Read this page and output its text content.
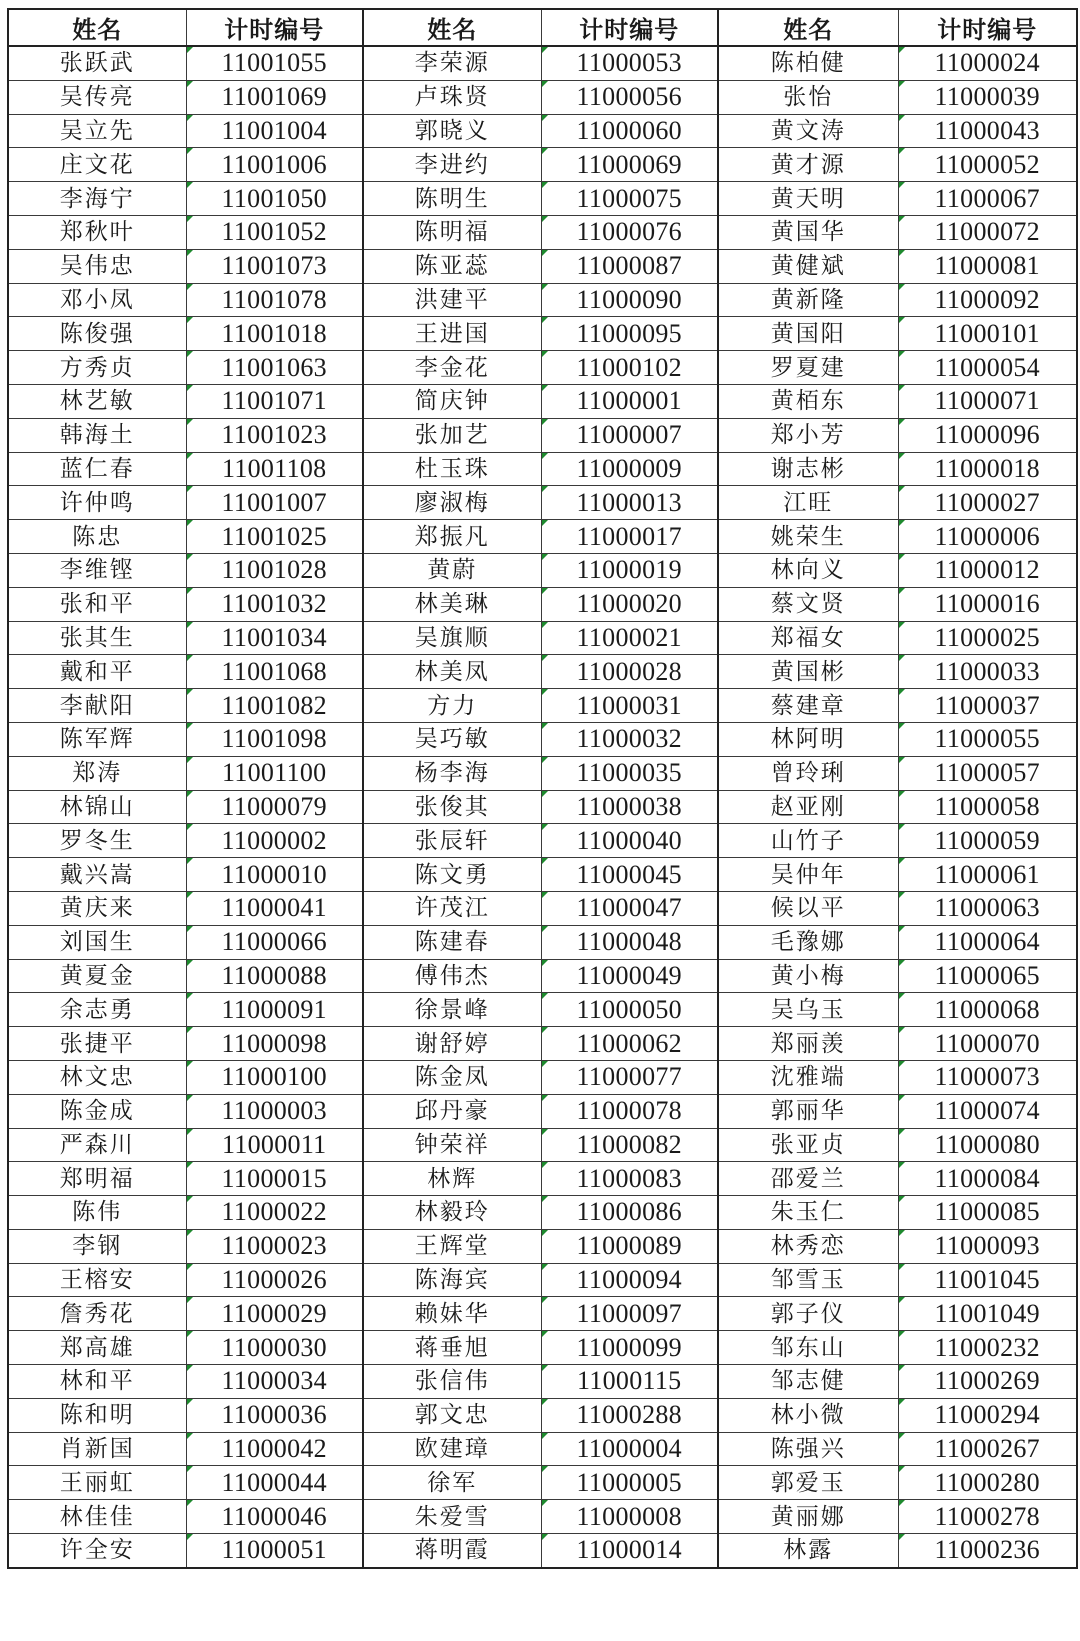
姓名	计时编号	姓名	计时编号	姓名	计时编号
张跃武	11001055	李荣源	11000053	陈柏健	11000024
吴传亮	11001069	卢珠贤	11000056	张怡	11000039
吴立先	11001004	郭晓义	11000060	黄文涛	11000043
庄文花	11001006	李进约	11000069	黄才源	11000052
李海宁	11001050	陈明生	11000075	黄天明	11000067
郑秋叶	11001052	陈明福	11000076	黄国华	11000072
吴伟忠	11001073	陈亚蕊	11000087	黄健斌	11000081
邓小凤	11001078	洪建平	11000090	黄新隆	11000092
陈俊强	11001018	王进国	11000095	黄国阳	11000101
方秀贞	11001063	李金花	11000102	罗夏建	11000054
林艺敏	11001071	简庆钟	11000001	黄栢东	11000071
韩海土	11001023	张加艺	11000007	郑小芳	11000096
蓝仁春	11001108	杜玉珠	11000009	谢志彬	11000018
许仲鸣	11001007	廖淑梅	11000013	江旺	11000027
陈忠	11001025	郑振凡	11000017	姚荣生	11000006
李维铿	11001028	黄蔚	11000019	林向义	11000012
张和平	11001032	林美琳	11000020	蔡文贤	11000016
张其生	11001034	吴旗顺	11000021	郑福女	11000025
戴和平	11001068	林美凤	11000028	黄国彬	11000033
李献阳	11001082	方力	11000031	蔡建章	11000037
陈军辉	11001098	吴巧敏	11000032	林阿明	11000055
郑涛	11001100	杨李海	11000035	曾玲琍	11000057
林锦山	11000079	张俊其	11000038	赵亚刚	11000058
罗冬生	11000002	张辰轩	11000040	山竹子	11000059
戴兴嵩	11000010	陈文勇	11000045	吴仲年	11000061
黄庆来	11000041	许茂江	11000047	候以平	11000063
刘国生	11000066	陈建春	11000048	毛豫娜	11000064
黄夏金	11000088	傅伟杰	11000049	黄小梅	11000065
余志勇	11000091	徐景峰	11000050	吴乌玉	11000068
张捷平	11000098	谢舒婷	11000062	郑丽羡	11000070
林文忠	11000100	陈金凤	11000077	沈雅端	11000073
陈金成	11000003	邱丹豪	11000078	郭丽华	11000074
严森川	11000011	钟荣祥	11000082	张亚贞	11000080
郑明福	11000015	林辉	11000083	邵爱兰	11000084
陈伟	11000022	林毅玲	11000086	朱玉仁	11000085
李钢	11000023	王辉堂	11000089	林秀恋	11000093
王榕安	11000026	陈海宾	11000094	邹雪玉	11001045
詹秀花	11000029	赖妹华	11000097	郭子仪	11001049
郑高雄	11000030	蒋垂旭	11000099	邹东山	11000232
林和平	11000034	张信伟	11000115	邹志健	11000269
陈和明	11000036	郭文忠	11000288	林小微	11000294
肖新国	11000042	欧建璋	11000004	陈强兴	11000267
王丽虹	11000044	徐军	11000005	郭爱玉	11000280
林佳佳	11000046	朱爱雪	11000008	黄丽娜	11000278
许全安	11000051	蒋明霞	11000014	林露	11000236
